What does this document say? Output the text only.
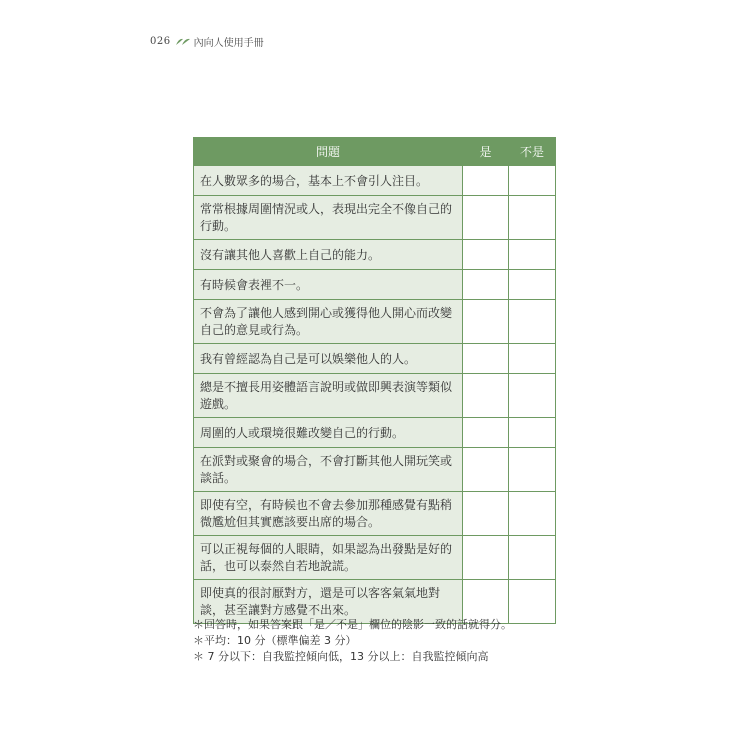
026 內向人使用手冊
問題	是	不是
在人數眾多的場合，基本上不會引人注目。		
常常根據周圍情況或人，表現出完全不像自己的行動。		
沒有讓其他人喜歡上自己的能力。		
有時候會表裡不一。		
不會為了讓他人感到開心或獲得他人開心而改變自己的意見或行為。		
我有曾經認為自己是可以娛樂他人的人。		
總是不擅長用姿體語言說明或做即興表演等類似遊戲。		
周圍的人或環境很難改變自己的行動。		
在派對或聚會的場合，不會打斷其他人開玩笑或談話。		
即使有空，有時候也不會去參加那種感覺有點稍微尷尬但其實應該要出席的場合。		
可以正視每個的人眼睛，如果認為出發點是好的話，也可以泰然自若地說謊。		
即使真的很討厭對方，還是可以客客氣氣地對談，甚至讓對方感覺不出來。		
＊回答時，如果答案跟「是／不是」欄位的陰影一致的話就得分。
＊平均：10 分（標準偏差 3 分）
＊ 7 分以下：自我監控傾向低，13 分以上：自我監控傾向高
